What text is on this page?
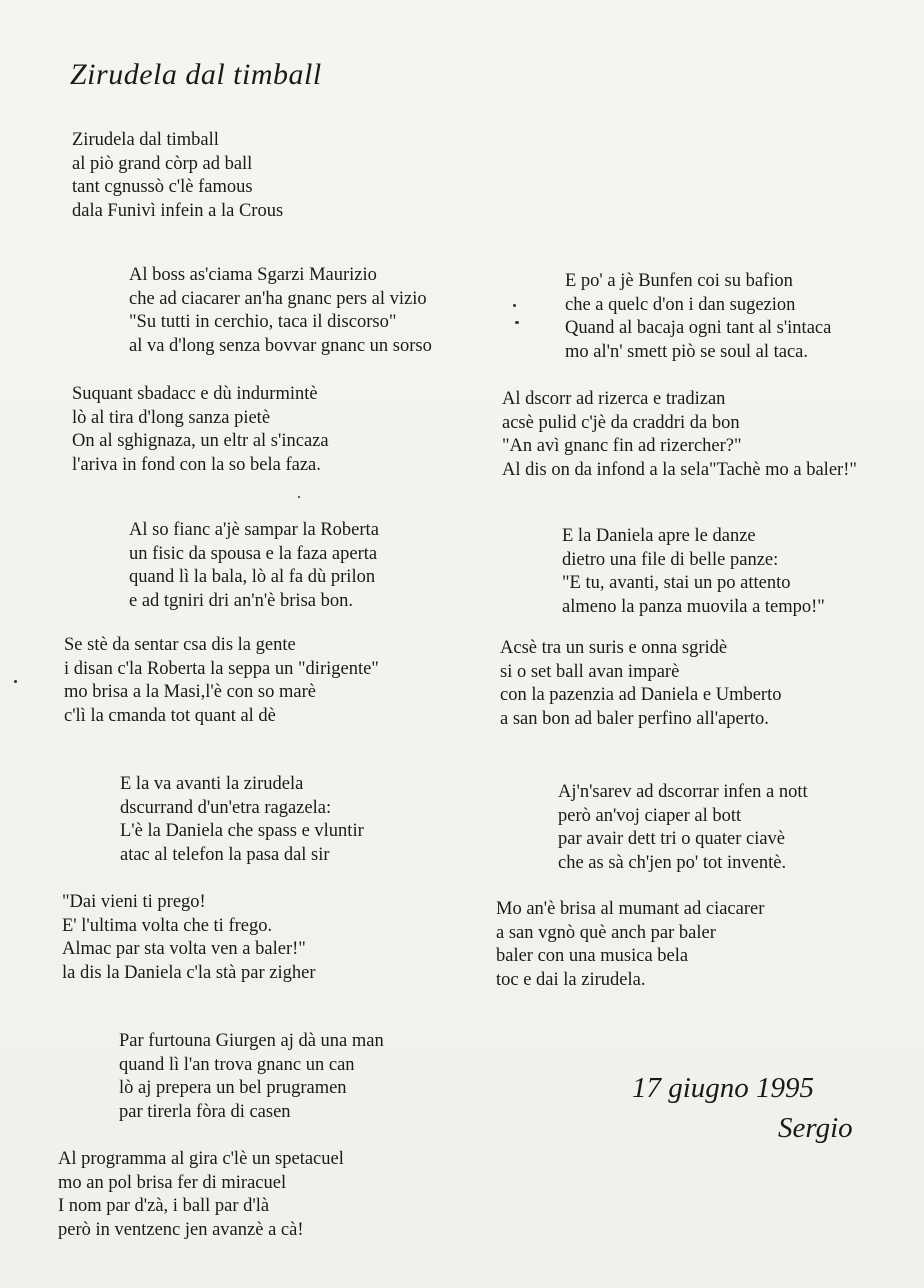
Zirudela dal timball
Zirudela dal timball
al piò grand còrp ad ball
tant cgnussò c'lè famous
dala Funivì infein a la Crous
Al boss as'ciama Sgarzi Maurizio
che ad ciacarer an'ha gnanc pers al vizio
"Su tutti in cerchio, taca il discorso"
al va d'long senza bovvar gnanc un sorso
Suquant sbadacc e dù indurmintè
lò al tira d'long sanza pietè
On al sghignaza, un eltr al s'incaza
l'ariva in fond con la so bela faza.
Al so fianc a'jè sampar la Roberta
un fisic da spousa e la faza aperta
quand lì la bala, lò al fa dù prilon
e ad tgniri dri an'n'è brisa bon.
Se stè da sentar csa dis la gente
i disan c'la Roberta la seppa un "dirigente"
mo brisa a la Masi,l'è con so marè
c'lì la cmanda tot quant al dè
E la va avanti la zirudela
dscurrand d'un'etra ragazela:
L'è la Daniela che spass e vluntir
atac al telefon la pasa dal sir
"Dai vieni ti prego!
E' l'ultima volta che ti frego.
Almac par sta volta ven a baler!"
la dis la Daniela c'la stà par zigher
Par furtouna Giurgen aj dà una man
quand lì l'an trova gnanc un can
lò aj prepera un bel prugramen
par tirerla fòra di casen
Al programma al gira c'lè un spetacuel
mo an pol brisa fer di miracuel
I nom par d'zà, i ball par d'là
però in ventzenc jen avanzè a cà!
E po' a jè Bunfen coi su bafion
che a quelc d'on i dan sugezion
Quand al bacaja ogni tant al s'intaca
mo al'n' smett piò se soul al taca.
Al dscorr ad rizerca e tradizan
acsè pulid c'jè da craddri da bon
"An avì gnanc fin ad rizercher?"
Al dis on da infond a la sela"Tachè mo a baler!"
E la Daniela apre le danze
dietro una file di belle panze:
"E tu, avanti, stai un po attento
almeno la panza muovila a tempo!"
Acsè tra un suris e onna sgridè
si o set ball avan imparè
con la pazenzia ad Daniela e Umberto
a san bon ad baler perfino all'aperto.
Aj'n'sarev ad dscorrar infen a nott
però an'voj ciaper al bott
par avair dett tri o quater ciavè
che as sà ch'jen po' tot inventè.
Mo an'è brisa al mumant ad ciacarer
a san vgnò què anch par baler
baler con una musica bela
toc e dai la zirudela.
17 giugno 1995
Sergio
